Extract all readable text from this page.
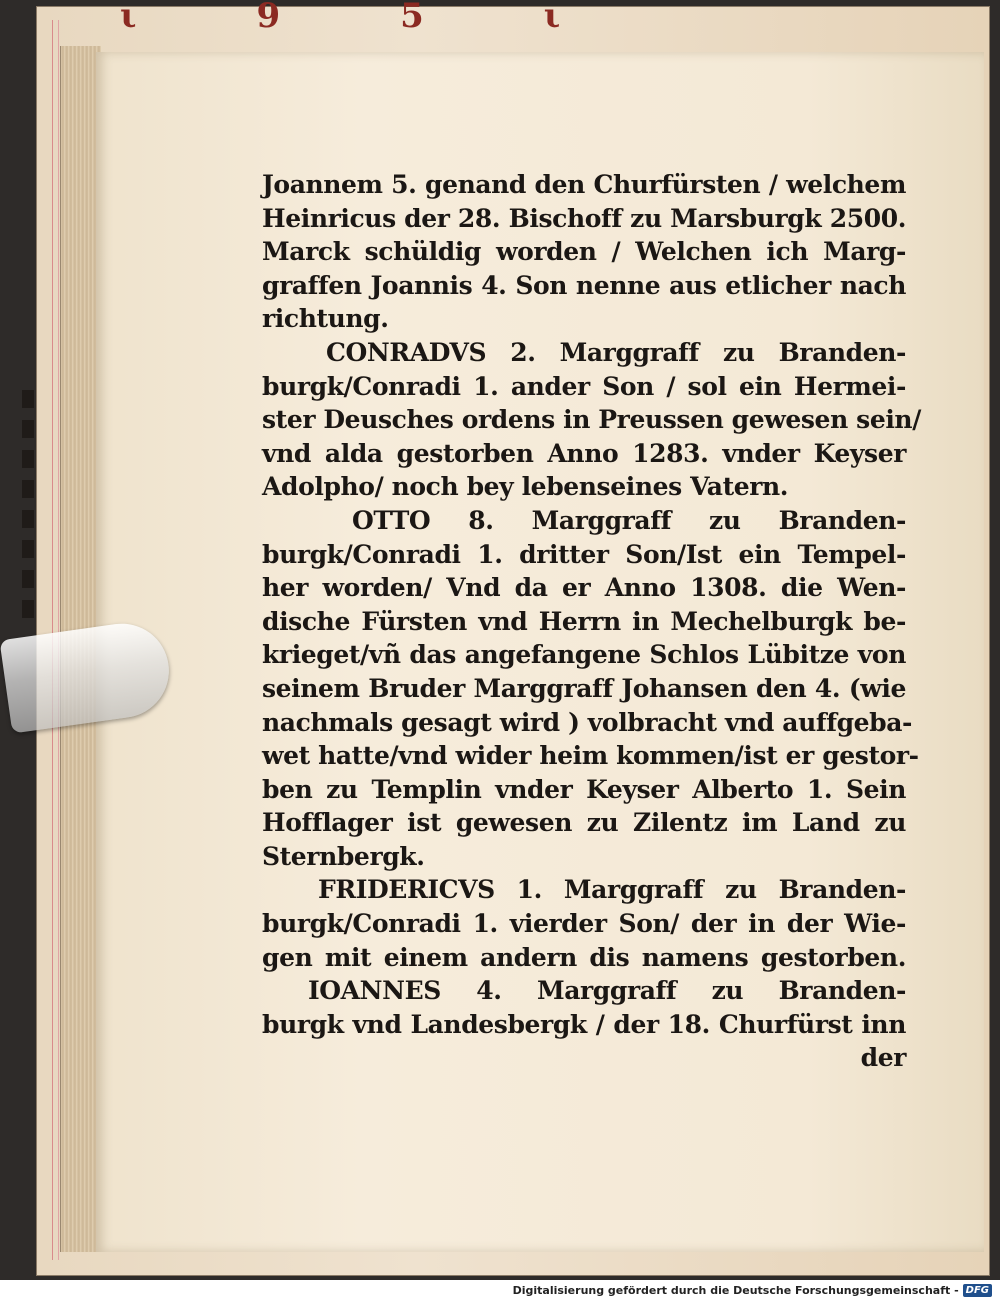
ι	9	5	ι
Joannem 5. genand den Churfürsten / welchem
Heinricus der 28. Bischoff zu Marsburgk 2500.
Marck schüldig worden / Welchen ich Marg-
graffen Joannis 4. Son nenne aus etlicher nach
richtung.
CONRADVS 2. Marggraff zu Branden-
burgk/Conradi 1. ander Son / sol ein Hermei-
ster Deusches ordens in Preussen gewesen sein/
vnd alda gestorben Anno 1283. vnder Keyser
Adolpho/ noch bey lebenseines Vatern.
OTTO 8. Marggraff zu Branden-
burgk/Conradi 1. dritter Son/Ist ein Tempel-
her worden/ Vnd da er Anno 1308. die Wen-
dische Fürsten vnd Herrn in Mechelburgk be-
krieget/vñ das angefangene Schlos Lübitze von
seinem Bruder Marggraff Johansen den 4. (wie
nachmals gesagt wird ) volbracht vnd auffgeba-
wet hatte/vnd wider heim kommen/ist er gestor-
ben zu Templin vnder Keyser Alberto 1. Sein
Hofflager ist gewesen zu Zilentz im Land zu
Sternbergk.
FRIDERICVS 1. Marggraff zu Branden-
burgk/Conradi 1. vierder Son/ der in der Wie-
gen mit einem andern dis namens gestorben.
IOANNES 4. Marggraff zu Branden-
burgk vnd Landesbergk / der 18. Churfürst inn
der
Digitalisierung gefördert durch die Deutsche Forschungsgemeinschaft - DFG
